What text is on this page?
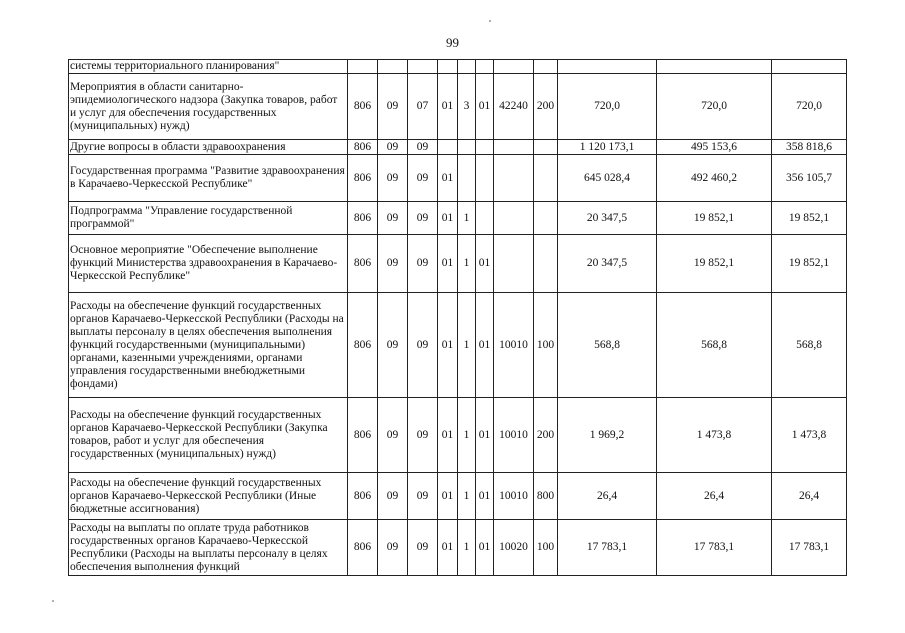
99
системы территориального планирования"											
Мероприятия в области санитарно-эпидемиологического надзора (Закупка товаров, работ и услуг для обеспечения государственных (муниципальных) нужд)	806	09	07	01	3	01	42240	200	720,0	720,0	720,0
Другие вопросы в области здравоохранения	806	09	09						1 120 173,1	495 153,6	358 818,6
Государственная программа "Развитие здравоохранения в Карачаево-Черкесской Республике"	806	09	09	01					645 028,4	492 460,2	356 105,7
Подпрограмма "Управление государственной программой"	806	09	09	01	1				20 347,5	19 852,1	19 852,1
Основное мероприятие "Обеспечение выполнение функций Министерства здравоохранения в Карачаево-Черкесской Республике"	806	09	09	01	1	01			20 347,5	19 852,1	19 852,1
Расходы на обеспечение функций государственных органов Карачаево-Черкесской Республики (Расходы на выплаты персоналу в целях обеспечения выполнения функций государственными (муниципальными) органами, казенными учреждениями, органами управления государственными внебюджетными фондами)	806	09	09	01	1	01	10010	100	568,8	568,8	568,8
Расходы на обеспечение функций государственных органов Карачаево-Черкесской Республики (Закупка товаров, работ и услуг для обеспечения государственных (муниципальных) нужд)	806	09	09	01	1	01	10010	200	1 969,2	1 473,8	1 473,8
Расходы на обеспечение функций государственных органов Карачаево-Черкесской Республики (Иные бюджетные ассигнования)	806	09	09	01	1	01	10010	800	26,4	26,4	26,4
Расходы на выплаты по оплате труда работников государственных органов Карачаево-Черкесской Республики (Расходы на выплаты персоналу в целях обеспечения выполнения функций	806	09	09	01	1	01	10020	100	17 783,1	17 783,1	17 783,1
